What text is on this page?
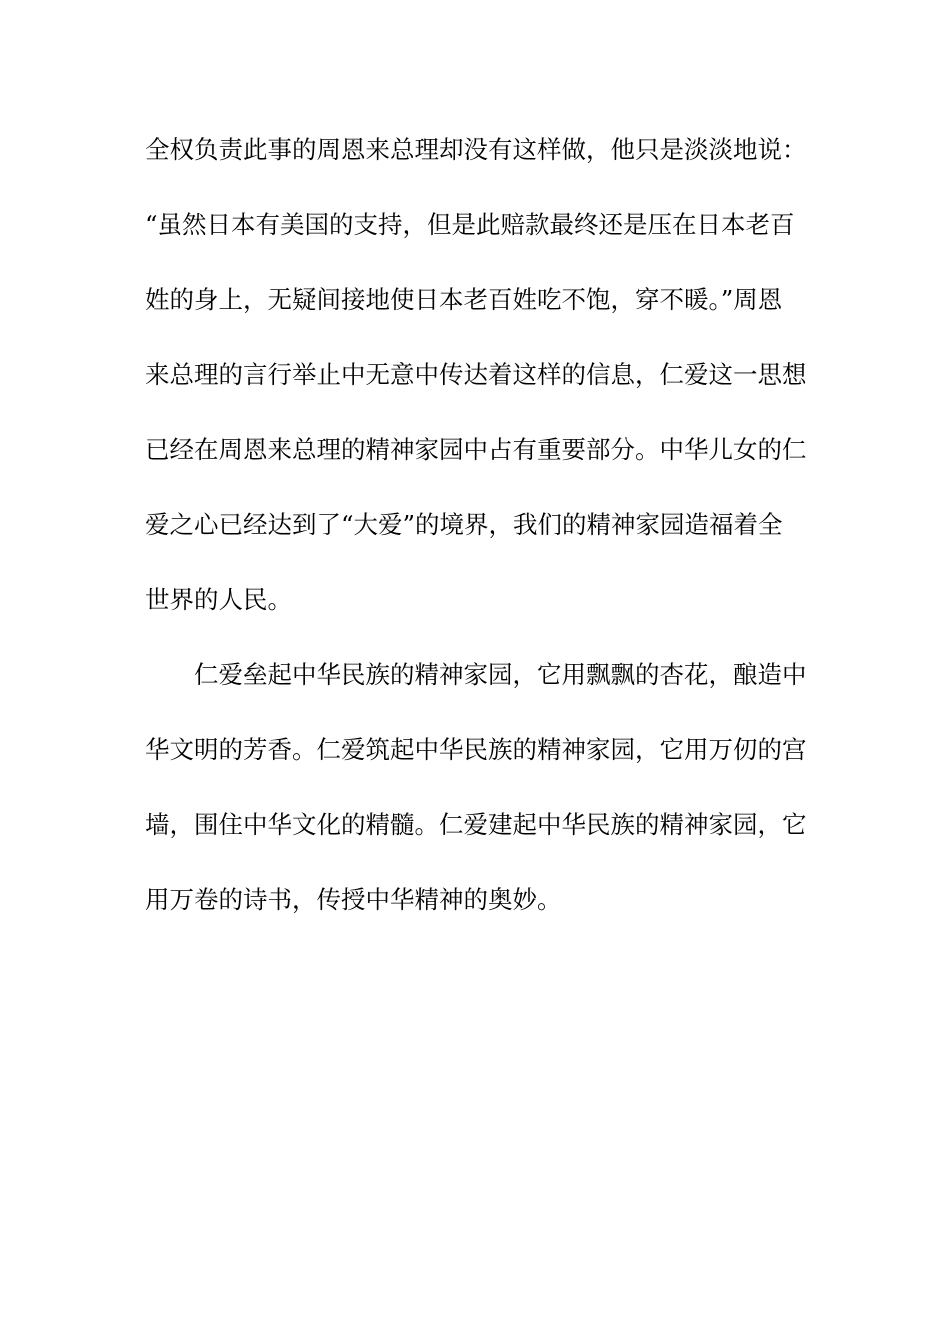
全权负责此事的周恩来总理却没有这样做，他只是淡淡地说：
“虽然日本有美国的支持，但是此赔款最终还是压在日本老百
姓的身上，无疑间接地使日本老百姓吃不饱，穿不暖。”周恩
来总理的言行举止中无意中传达着这样的信息，仁爱这一思想
已经在周恩来总理的精神家园中占有重要部分。中华儿女的仁
爱之心已经达到了“大爱”的境界，我们的精神家园造福着全
世界的人民。
仁爱垒起中华民族的精神家园，它用飘飘的杏花，酿造中
华文明的芳香。仁爱筑起中华民族的精神家园，它用万仞的宫
墙，围住中华文化的精髓。仁爱建起中华民族的精神家园，它
用万卷的诗书，传授中华精神的奥妙。
